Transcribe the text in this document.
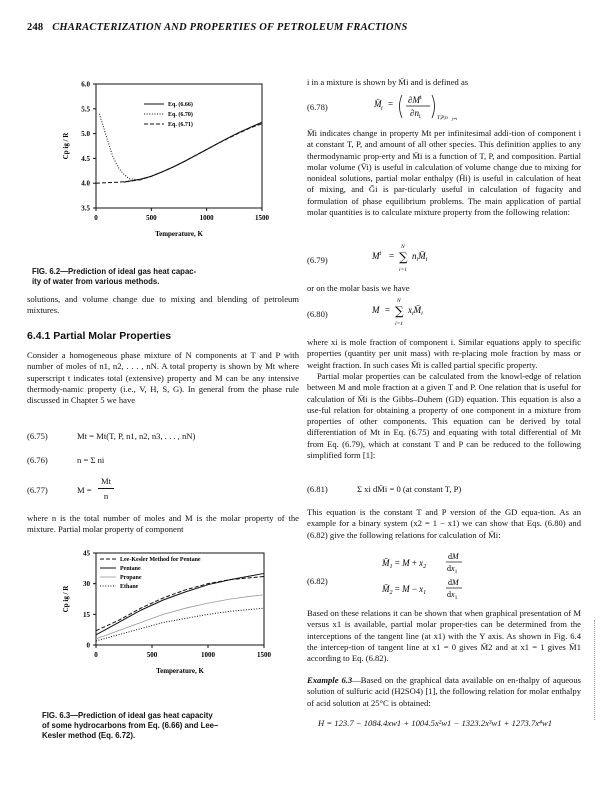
248 CHARACTERIZATION AND PROPERTIES OF PETROLEUM FRACTIONS
0	500	1000	1500
3.5
4.0
4.5
5.0
5.5
6.0
Temperature, K
Cp ig / R
Eq. (6.66)
Eq. (6.70)
Eq. (6.71)
FIG. 6.2—Prediction of ideal gas heat capac-
ity of water from various methods.
solutions, and volume change due to mixing and blending of petroleum mixtures.
6.4.1 Partial Molar Properties
Consider a homogeneous phase mixture of N components at T and P with number of moles of n1, n2, . . . , nN. A total property is shown by Mt where superscript t indicates total (extensive) property and M can be any intensive thermody-namic property (i.e., V, H, S, G). In general from the phase rule discussed in Chapter 5 we have
(6.75)	Mt = Mt(T, P, n1, n2, n3, . . . , nN)
(6.76)	n = Σ ni
(6.77)	M =
Mt
n
where n is the total number of moles and M is the molar property of the mixture. Partial molar property of component
0	500	1000	1500
0
15
30
45
Temperature, K
Cp ig / R
Lee-Kesler Method for Pentane
Pentane
Propane
Ethane
FIG. 6.3—Prediction of ideal gas heat capacity
of some hydrocarbons from Eq. (6.66) and Lee–
Kesler method (Eq. 6.72).
i in a mixture is shown by M̄i and is defined as
(6.78)	M̄ $i = \partial M^t$
$\partial n_i$	T,P,n j≠i
M̄i indicates change in property Mt per infinitesimal addi-tion of component i at constant T, P, and amount of all other species. This definition applies to any thermodynamic prop-erty and M̄i is a function of T, P, and composition. Partial molar volume (V̄i) is useful in calculation of volume change due to mixing for nonideal solutions, partial molar enthalpy (H̄i) is useful in calculation of heat of mixing, and Ḡi is par-ticularly useful in calculation of fugacity and formulation of phase equilibrium problems. The main application of partial molar quantities is to calculate mixture property from the following relation:
(6.79)	$M^t$ =
N
∑
i=1
$n_iM̄_i$
or on the molar basis we have
(6.80)	M =
N
∑
i=1
$x_iM̄_i$
where xi is mole fraction of component i. Similar equations apply to specific properties (quantity per unit mass) with re-placing mole fraction by mass or weight fraction. In such cases M̄i is called partial specific property.
Partial molar properties can be calculated from the knowl-edge of relation between M and mole fraction at a given T and P. One relation that is useful for calculation of M̄i is the Gibbs–Duhem (GD) equation. This equation is also a use-ful relation for obtaining a property of one component in a mixture from properties of other components. This equation can be derived by total differentiation of Mt in Eq. (6.75) and equating with total differential of Mt from Eq. (6.79), which at constant T and P can be reduced to the following simplified form [1]:
(6.81)	Σ xi dM̄i = 0 (at constant T, P)
This equation is the constant T and P version of the GD equa-tion. As an example for a binary system (x2 = 1 − x1) we can show that Eqs. (6.80) and (6.82) give the following relations for calculation of M̄i:
(6.82)
$M̄_1 = M + x_2$
dM
$dx_1$
$M̄_2 = M - x_1$
dM
$dx_1$
Based on these relations it can be shown that when graphical presentation of M versus x1 is available, partial molar proper-ties can be determined from the interceptions of the tangent line (at x1) with the Y axis. As shown in Fig. 6.4 the intercep-tion of tangent line at x1 = 0 gives M̄2 and at x1 = 1 gives M̄1 according to Eq. (6.82).
Example 6.3—Based on the graphical data available on en-thalpy of aqueous solution of sulfuric acid (H2SO4) [1], the following relation for molar enthalpy of acid solution at 25°C is obtained:
H = 123.7 − 1084.4xw1 + 1004.5x²w1 − 1323.2x³w1 + 1273.7x⁴w1
